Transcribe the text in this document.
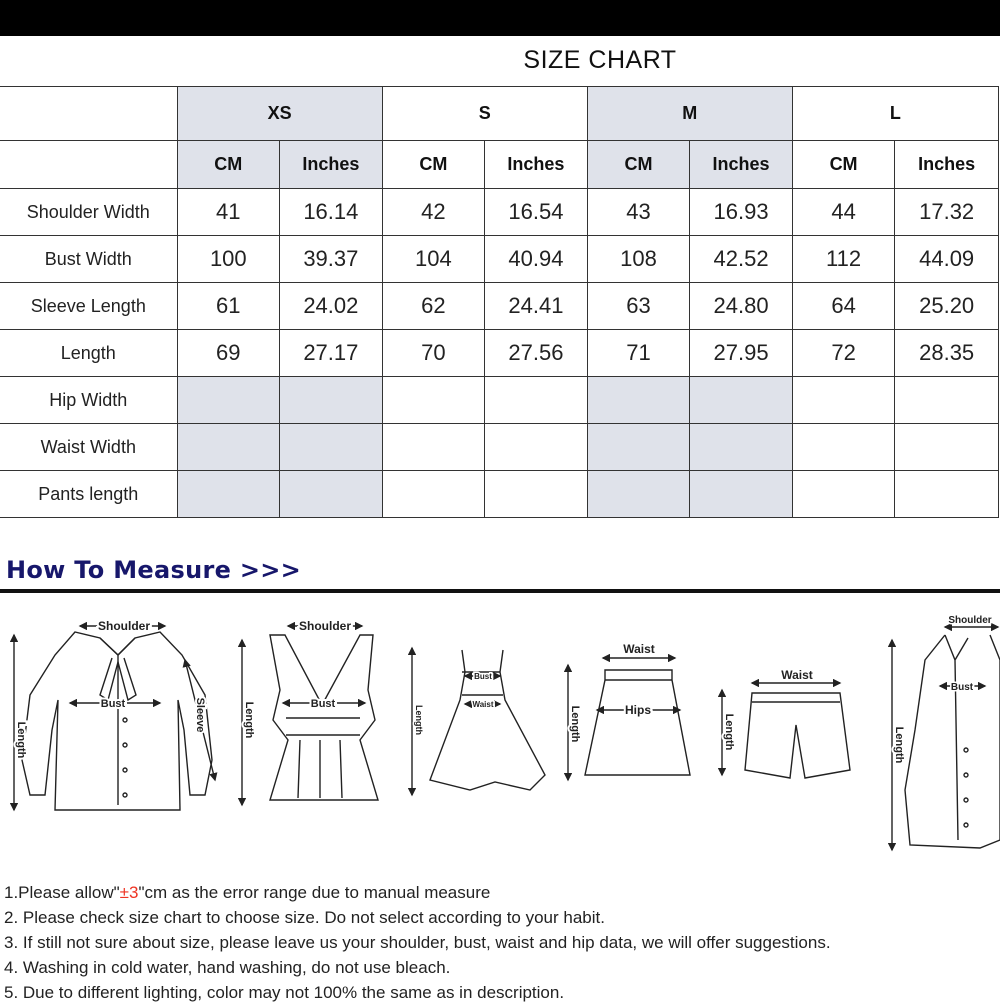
SIZE CHART
	XS		S		M		L	
	CM	Inches	CM	Inches	CM	Inches	CM	Inches
Shoulder Width	41	16.14	42	16.54	43	16.93	44	17.32
Bust Width	100	39.37	104	40.94	108	42.52	112	44.09
Sleeve Length	61	24.02	62	24.41	63	24.80	64	25.20
Length	69	27.17	70	27.56	71	27.95	72	28.35
Hip Width								
Waist Width								
Pants length								
How To Measure >>>
Shoulder
Bust
Length
Sleeve
Shoulder
Bust
Length
Bust
Waist
Length
Waist
Hips
Length
Waist
Length
Shoulder
Bust
Length
1.Please allow"±3"cm as the error range due to manual measure
2. Please check size chart to choose size. Do not select according to your habit.
3. If still not sure about size, please leave us your shoulder, bust, waist and hip data, we will offer suggestions.
4. Washing in cold water, hand washing, do not use bleach.
5. Due to different lighting, color may not 100% the same as in description.
